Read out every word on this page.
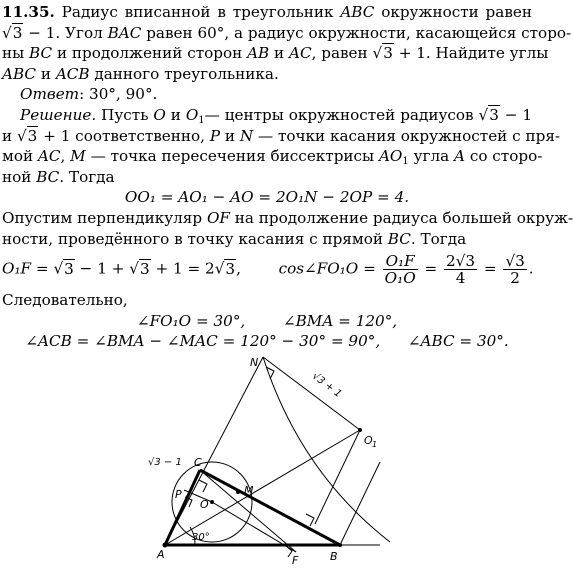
11.35. Радиус вписанной в треугольник ABC окружности равен
√3 − 1. Угол BAC равен 60°, а радиус окружности, касающейся сторо-
ны BC и продолжений сторон AB и AC, равен √3 + 1. Найдите углы
ABC и ACB данного треугольника.
Ответ: 30°, 90°.
Решение. Пусть O и $O_1—$ центры окружностей радиусов √3 − 1
и √3 + 1 соответственно, P и N — точки касания окружностей с пря-
мой AC, M — точка пересечения биссектрисы $AO_1$ угла A со сторо-
ной BC. Тогда
OO₁ = AO₁ − AO = 2O₁N − 2OP = 4.
Опустим перпендикуляр OF на продолжение радиуса большей окруж-
ности, проведённого в точку касания с прямой BC. Тогда
O₁F = √3 − 1 + √3 + 1 = 2√3, cos∠FO₁O = $\frac{\text{O₁F}}{\text{O₁O}} = \frac{2√3}{4} = \frac{√3}{2}$ .
Следовательно,
∠FO₁O = 30°, ∠BMA = 120°,
∠ACB = ∠BMA − ∠MAC = 120° − 30° = 90°, ∠ABC = 30°.
N
O 1
C
P
O
M
A	B
F
30°
√3 − 1
√3 + 1
